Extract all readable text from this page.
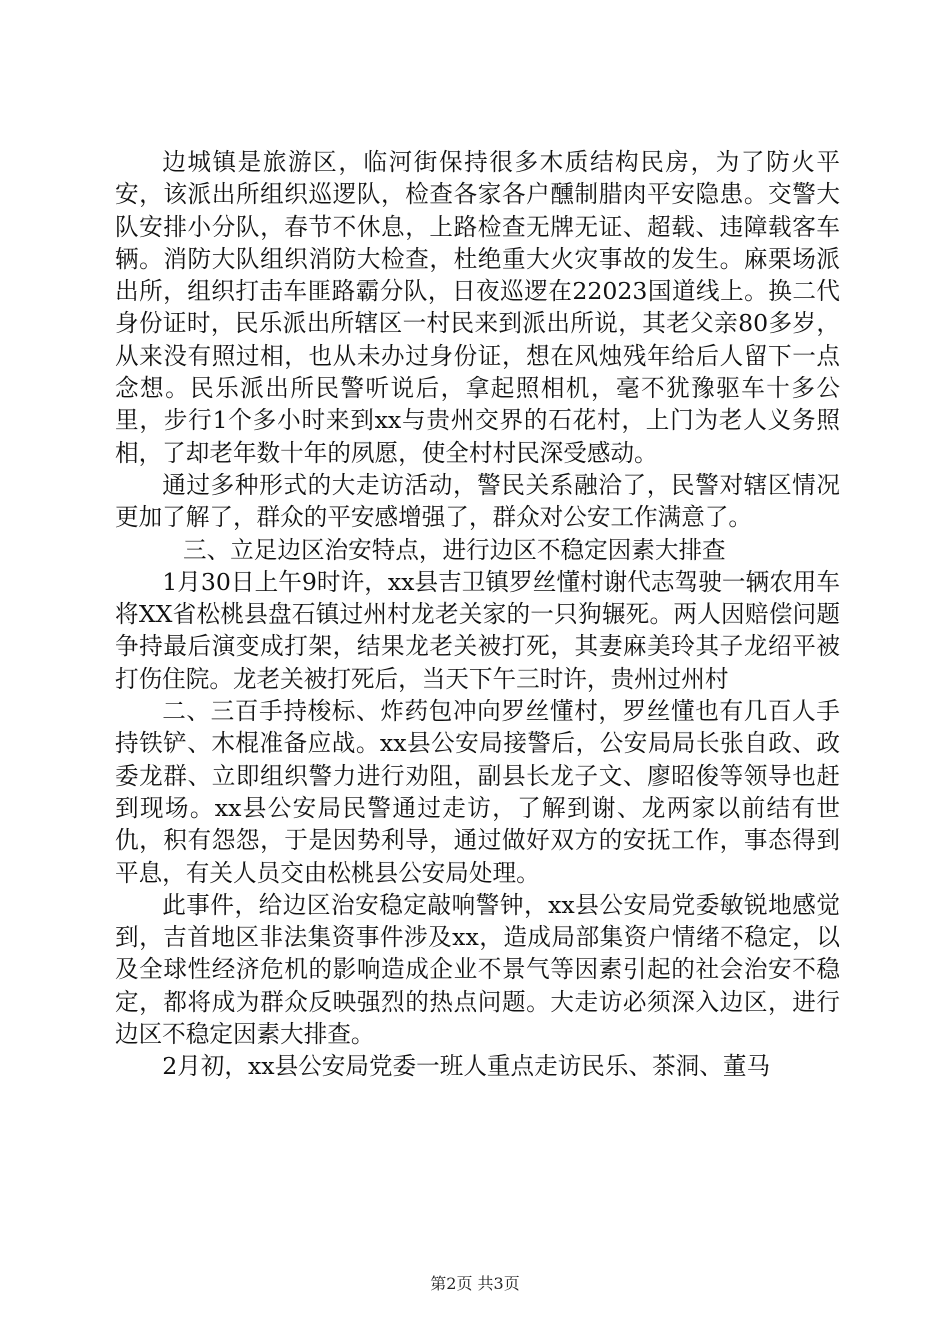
边城镇是旅游区，临河街保持很多木质结构民房，为了防火平安，该派出所组织巡逻队，检查各家各户醺制腊肉平安隐患。交警大队安排小分队，春节不休息，上路检查无牌无证、超载、违障载客车辆。消防大队组织消防大检查，杜绝重大火灾事故的发生。麻栗场派出所，组织打击车匪路霸分队，日夜巡逻在22023国道线上。换二代身份证时，民乐派出所辖区一村民来到派出所说，其老父亲80多岁，从来没有照过相，也从未办过身份证，想在风烛残年给后人留下一点念想。民乐派出所民警听说后，拿起照相机，毫不犹豫驱车十多公里，步行1个多小时来到xx与贵州交界的石花村，上门为老人义务照相，了却老年数十年的夙愿，使全村村民深受感动。

通过多种形式的大走访活动，警民关系融洽了，民警对辖区情况更加了解了，群众的平安感增强了，群众对公安工作满意了。

三、立足边区治安特点，进行边区不稳定因素大排查

1月30日上午9时许，xx县吉卫镇罗丝懂村谢代志驾驶一辆农用车将XX省松桃县盘石镇过州村龙老关家的一只狗辗死。两人因赔偿问题争持最后演变成打架，结果龙老关被打死，其妻麻美玲其子龙绍平被打伤住院。龙老关被打死后，当天下午三时许，贵州过州村

二、三百手持梭标、炸药包冲向罗丝懂村，罗丝懂也有几百人手持铁铲、木棍准备应战。xx县公安局接警后，公安局局长张自政、政委龙群、立即组织警力进行劝阻，副县长龙子文、廖昭俊等领导也赶到现场。xx县公安局民警通过走访，了解到谢、龙两家以前结有世仇，积有怨怨，于是因势利导，通过做好双方的安抚工作，事态得到平息，有关人员交由松桃县公安局处理。

此事件，给边区治安稳定敲响警钟，xx县公安局党委敏锐地感觉到，吉首地区非法集资事件涉及xx，造成局部集资户情绪不稳定，以及全球性经济危机的影响造成企业不景气等因素引起的社会治安不稳定，都将成为群众反映强烈的热点问题。大走访必须深入边区，进行边区不稳定因素大排查。

2月初，xx县公安局党委一班人重点走访民乐、茶洞、董马

第2页 共3页
